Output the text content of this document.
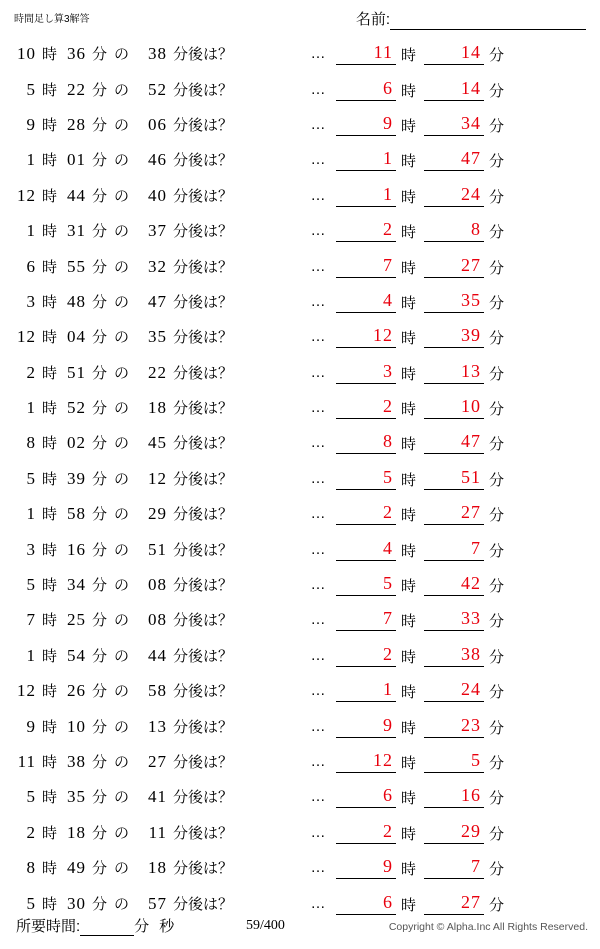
時間足し算3解答	名前:
10 時 36 分 の 38 分後は？	…	11 時	14 分
5 時 22 分 の 52 分後は？	…	6 時	14 分
9 時 28 分 の 06 分後は？	…	9 時	34 分
1 時 01 分 の 46 分後は？	…	1 時	47 分
12 時 44 分 の 40 分後は？	…	1 時	24 分
1 時 31 分 の 37 分後は？	…	2 時	8 分
6 時 55 分 の 32 分後は？	…	7 時	27 分
3 時 48 分 の 47 分後は？	…	4 時	35 分
12 時 04 分 の 35 分後は？	…	12 時	39 分
2 時 51 分 の 22 分後は？	…	3 時	13 分
1 時 52 分 の 18 分後は？	…	2 時	10 分
8 時 02 分 の 45 分後は？	…	8 時	47 分
5 時 39 分 の 12 分後は？	…	5 時	51 分
1 時 58 分 の 29 分後は？	…	2 時	27 分
3 時 16 分 の 51 分後は？	…	4 時	7 分
5 時 34 分 の 08 分後は？	…	5 時	42 分
7 時 25 分 の 08 分後は？	…	7 時	33 分
1 時 54 分 の 44 分後は？	…	2 時	38 分
12 時 26 分 の 58 分後は？	…	1 時	24 分
9 時 10 分 の 13 分後は？	…	9 時	23 分
11 時 38 分 の 27 分後は？	…	12 時	5 分
5 時 35 分 の 41 分後は？	…	6 時	16 分
2 時 18 分 の	11 分後は？	…	2 時	29 分
8 時 49 分 の 18 分後は？	…	9 時	7 分
5 時 30 分 の 57 分後は？	…	6 時	27 分
所要時間:	分 秒	59/400	Copyright © Alpha.Inc All Rights Reserved.
